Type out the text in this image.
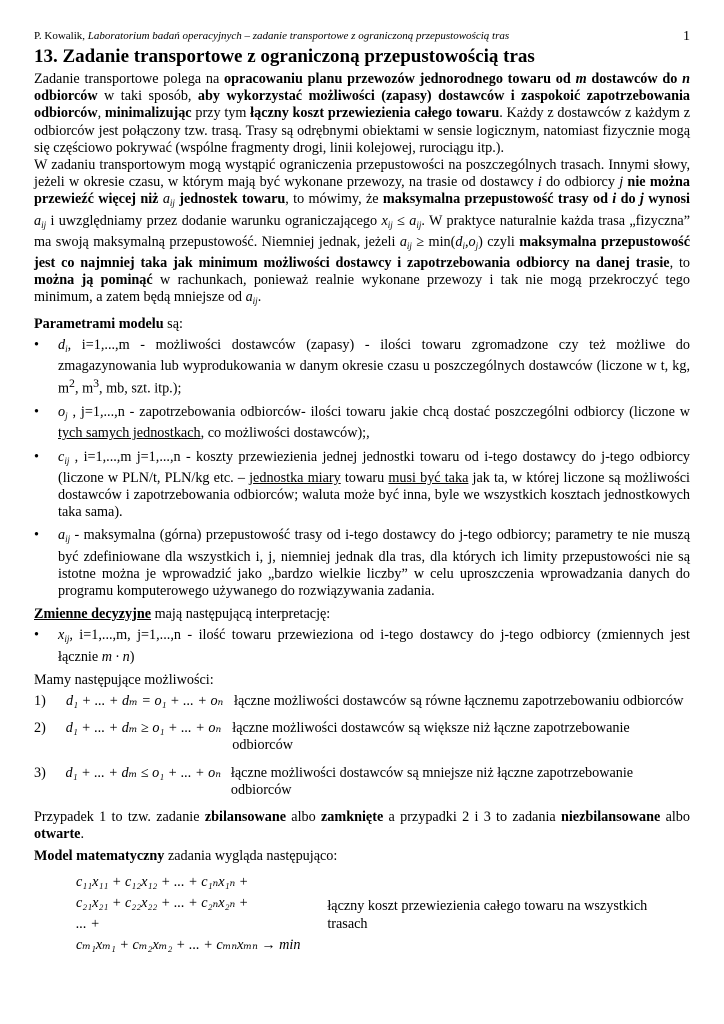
P. Kowalik, Laboratorium badań operacyjnych – zadanie transportowe z ograniczoną przepustowością tras	1
13. Zadanie transportowe z ograniczoną przepustowością tras

Zadanie transportowe polega na opracowaniu planu przewozów jednorodnego towaru od m dostawców do n odbiorców w taki sposób, aby wykorzystać możliwości (zapasy) dostawców i zaspokoić zapotrzebowania odbiorców, minimalizując przy tym łączny koszt przewiezienia całego towaru. Każdy z dostawców z każdym z odbiorców jest połączony tzw. trasą. Trasy są odrębnymi obiektami w sensie logicznym, natomiast fizycznie mogą się częściowo pokrywać (wspólne fragmenty drogi, linii kolejowej, rurociągu itp.).

W zadaniu transportowym mogą wystąpić ograniczenia przepustowości na poszczególnych trasach. Innymi słowy, jeżeli w okresie czasu, w którym mają być wykonane przewozy, na trasie od dostawcy i do odbiorcy j nie można przewieźć więcej niż $a_{ij}$ jednostek towaru, to mówimy, że maksymalna przepustowość trasy od i do j wynosi $a_{ij}$ i uwzględniamy przez dodanie warunku ograniczającego $x_{ij} \le a_{ij}$. W praktyce naturalnie każda trasa „fizyczna” ma swoją maksymalną przepustowość. Niemniej jednak, jeżeli $a_{ij} \ge \min(d_i,o_j)$ czyli maksymalna przepustowość jest co najmniej taka jak minimum możliwości dostawcy i zapotrzebowania odbiorcy na danej trasie, to można ją pominąć w rachunkach, ponieważ realnie wykonane przewozy i tak nie mogą przekroczyć tego minimum, a zatem będą mniejsze od $a_{ij}$.

Parametrami modelu są:

• $d_i$, i=1,...,m - możliwości dostawców (zapasy) - ilości towaru zgromadzone czy też możliwe do zmagazynowania lub wyprodukowania w danym okresie czasu u poszczególnych dostawców (liczone w t, kg, $m^2$, $m^3$, mb, szt. itp.);
• $o_j$ , j=1,...,n - zapotrzebowania odbiorców- ilości towaru jakie chcą dostać poszczególni odbiorcy (liczone w tych samych jednostkach, co możliwości dostawców);,
• $c_{ij}$ , i=1,...,m j=1,...,n - koszty przewiezienia jednej jednostki towaru od i-tego dostawcy do j-tego odbiorcy (liczone w PLN/t, PLN/kg etc. – jednostka miary towaru musi być taka jak ta, w której liczone są możliwości dostawców i zapotrzebowania odbiorców; waluta może być inna, byle we wszystkich kosztach jednostkowych taka sama).
• $a_{ij}$ - maksymalna (górna) przepustowość trasy od i-tego dostawcy do j-tego odbiorcy; parametry te nie muszą być zdefiniowane dla wszystkich i, j, niemniej jednak dla tras, dla których ich limity przepustowości nie są istotne można je wprowadzić jako „bardzo wielkie liczby” w celu uproszczenia wprowadzania danych do programu komputerowego używanego do rozwiązywania zadania.

Zmienne decyzyjne mają następującą interpretację:

• $x_{ij}$, i=1,...,m, j=1,...,n - ilość towaru przewieziona od i-tego dostawcy do j-tego odbiorcy (zmiennych jest łącznie m · n)

Mamy następujące możliwości:

1)	d₁ + ... + dₘ = o₁ + ... + oₙ łączne możliwości dostawców są równe łącznemu zapotrzebowaniu odbiorców
2)	d₁ + ... + dₘ ≥ o₁ + ... + oₙ łączne możliwości dostawców są większe niż łączne zapotrzebowanie odbiorców
3)	d₁ + ... + dₘ ≤ o₁ + ... + oₙ łączne możliwości dostawców są mniejsze niż łączne zapotrzebowanie odbiorców

Przypadek 1 to tzw. zadanie zbilansowane albo zamknięte a przypadki 2 i 3 to zadania niezbilansowane albo otwarte.

Model matematyczny zadania wygląda następująco:

c₁₁x₁₁ + c₁₂x₁₂ + ... + c₁ₙx₁ₙ +
c₂₁x₂₁ + c₂₂x₂₂ + ... + c₂ₙx₂ₙ +
... +
cₘ₁xₘ₁ + cₘ₂xₘ₂ + ... + cₘₙxₘₙ → min
łączny koszt przewiezienia całego towaru na wszystkich trasach
